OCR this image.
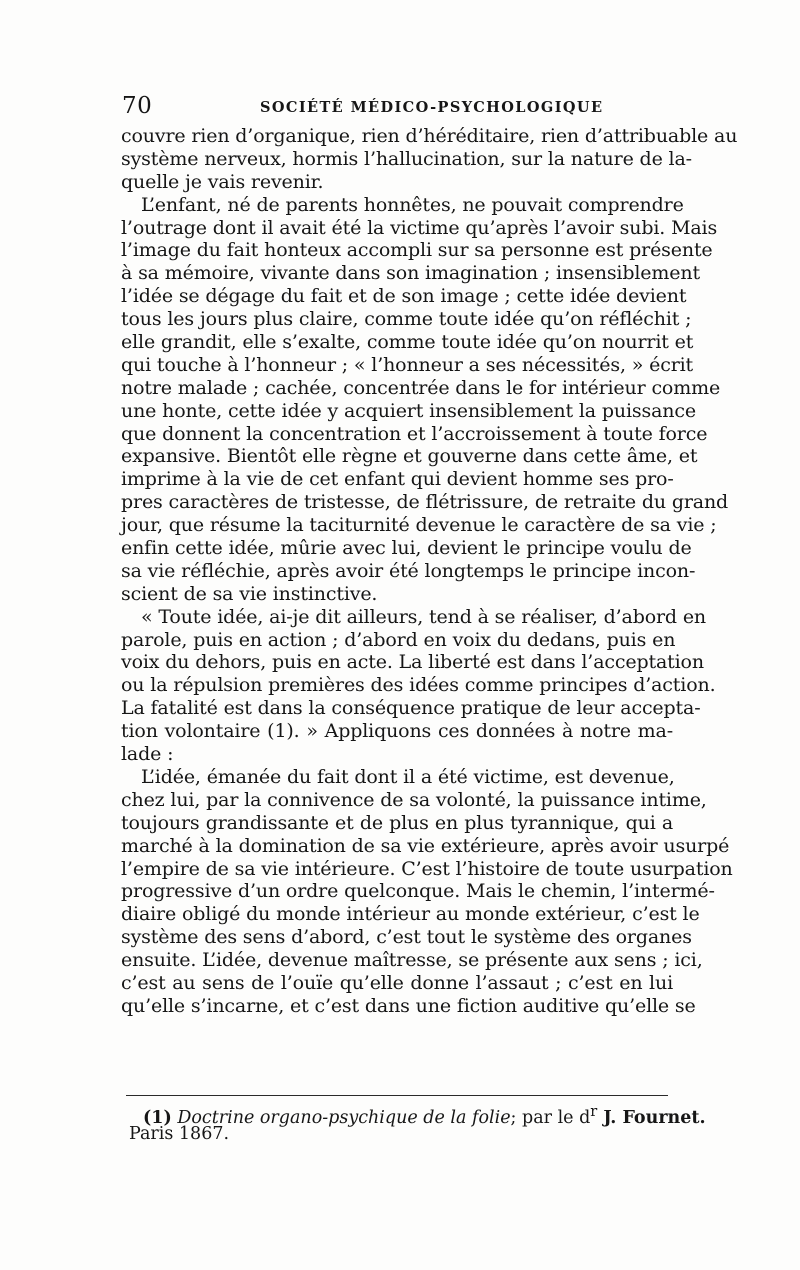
70	SOCIÉTÉ MÉDICO-PSYCHOLOGIQUE
couvre rien d’organique, rien d’héréditaire, rien d’attribuable au
système nerveux, hormis l’hallucination, sur la nature de la-
quelle je vais revenir.
L’enfant, né de parents honnêtes, ne pouvait comprendre
l’outrage dont il avait été la victime qu’après l’avoir subi. Mais
l’image du fait honteux accompli sur sa personne est présente
à sa mémoire, vivante dans son imagination ; insensiblement
l’idée se dégage du fait et de son image ; cette idée devient
tous les jours plus claire, comme toute idée qu’on réfléchit ;
elle grandit, elle s’exalte, comme toute idée qu’on nourrit et
qui touche à l’honneur ; « l’honneur a ses nécessités, » écrit
notre malade ; cachée, concentrée dans le for intérieur comme
une honte, cette idée y acquiert insensiblement la puissance
que donnent la concentration et l’accroissement à toute force
expansive. Bientôt elle règne et gouverne dans cette âme, et
imprime à la vie de cet enfant qui devient homme ses pro-
pres caractères de tristesse, de flétrissure, de retraite du grand
jour, que résume la taciturnité devenue le caractère de sa vie ;
enfin cette idée, mûrie avec lui, devient le principe voulu de
sa vie réfléchie, après avoir été longtemps le principe incon-
scient de sa vie instinctive.
« Toute idée, ai-je dit ailleurs, tend à se réaliser, d’abord en
parole, puis en action ; d’abord en voix du dedans, puis en
voix du dehors, puis en acte. La liberté est dans l’acceptation
ou la répulsion premières des idées comme principes d’action.
La fatalité est dans la conséquence pratique de leur accepta-
tion volontaire (1). » Appliquons ces données à notre ma-
lade :
L’idée, émanée du fait dont il a été victime, est devenue,
chez lui, par la connivence de sa volonté, la puissance intime,
toujours grandissante et de plus en plus tyrannique, qui a
marché à la domination de sa vie extérieure, après avoir usurpé
l’empire de sa vie intérieure. C’est l’histoire de toute usurpation
progressive d’un ordre quelconque. Mais le chemin, l’intermé-
diaire obligé du monde intérieur au monde extérieur, c’est le
système des sens d’abord, c’est tout le système des organes
ensuite. L’idée, devenue maîtresse, se présente aux sens ; ici,
c’est au sens de l’ouïe qu’elle donne l’assaut ; c’est en lui
qu’elle s’incarne, et c’est dans une fiction auditive qu’elle se
(1) Doctrine organo-psychique de la folie; par le $d^r$ J. Fournet.
Paris 1867.
